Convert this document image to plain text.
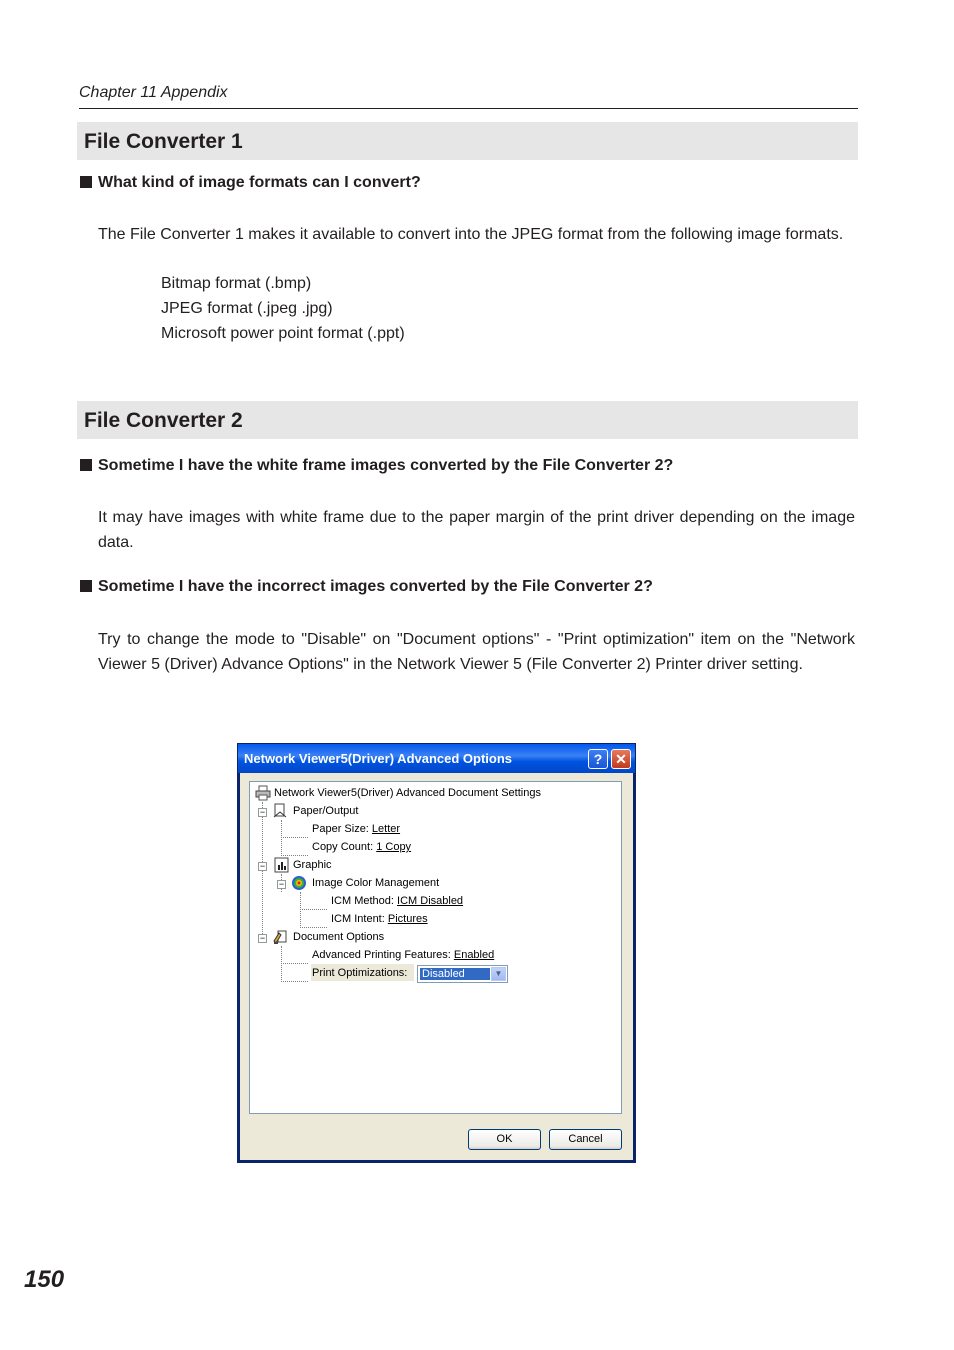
Chapter 11 Appendix
File Converter 1
What kind of image formats can I convert?
The File Converter 1 makes it available to convert into the JPEG format from the following image formats.
Bitmap format (.bmp)
JPEG format (.jpeg .jpg)
Microsoft power point format (.ppt)
File Converter 2
Sometime I have the white frame images converted by the File Converter 2?
It may have images with white frame due to the paper margin of the print driver depending on the image data.
Sometime I have the incorrect images converted by the File Converter 2?
Try to change the mode to "Disable" on "Document options" - "Print optimization" item on the "Network Viewer 5 (Driver) Advance Options" in the Network Viewer 5 (File Converter 2) Printer driver setting.
Network Viewer5(Driver) Advanced Options	? ✕
Network Viewer5(Driver) Advanced Document Settings
−	Paper/Output
Paper Size: Letter
Copy Count: 1 Copy
−	Graphic
−	Image Color Management
ICM Method: ICM Disabled
ICM Intent: Pictures
−	Document Options
Advanced Printing Features: Enabled
Print Optimizations: Disabled	▼
OK	Cancel
150
